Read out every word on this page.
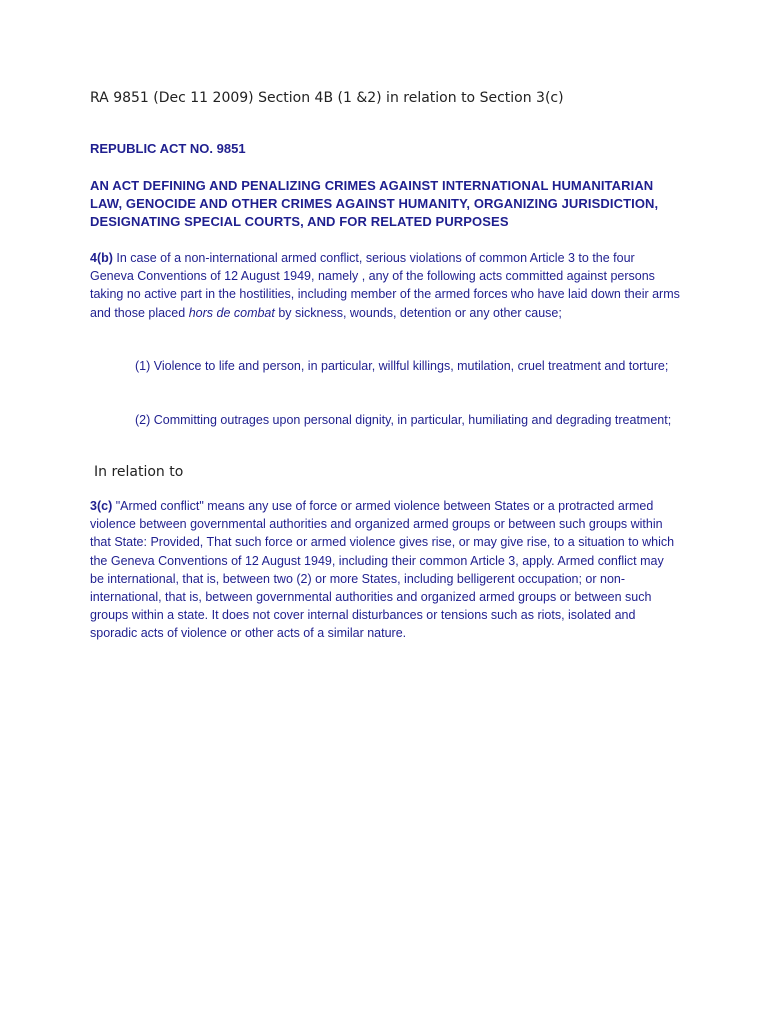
RA 9851 (Dec 11 2009) Section 4B (1 &2) in relation to Section 3(c)
REPUBLIC ACT NO. 9851
AN ACT DEFINING AND PENALIZING CRIMES AGAINST INTERNATIONAL HUMANITARIAN LAW, GENOCIDE AND OTHER CRIMES AGAINST HUMANITY, ORGANIZING JURISDICTION, DESIGNATING SPECIAL COURTS, AND FOR RELATED PURPOSES
4(b) In case of a non-international armed conflict, serious violations of common Article 3 to the four Geneva Conventions of 12 August 1949, namely , any of the following acts committed against persons taking no active part in the hostilities, including member of the armed forces who have laid down their arms and those placed hors de combat by sickness, wounds, detention or any other cause;
(1) Violence to life and person, in particular, willful killings, mutilation, cruel treatment and torture;
(2) Committing outrages upon personal dignity, in particular, humiliating and degrading treatment;
In relation to
3(c) "Armed conflict" means any use of force or armed violence between States or a protracted armed violence between governmental authorities and organized armed groups or between such groups within that State: Provided, That such force or armed violence gives rise, or may give rise, to a situation to which the Geneva Conventions of 12 August 1949, including their common Article 3, apply. Armed conflict may be international, that is, between two (2) or more States, including belligerent occupation; or non-international, that is, between governmental authorities and organized armed groups or between such groups within a state. It does not cover internal disturbances or tensions such as riots, isolated and sporadic acts of violence or other acts of a similar nature.
